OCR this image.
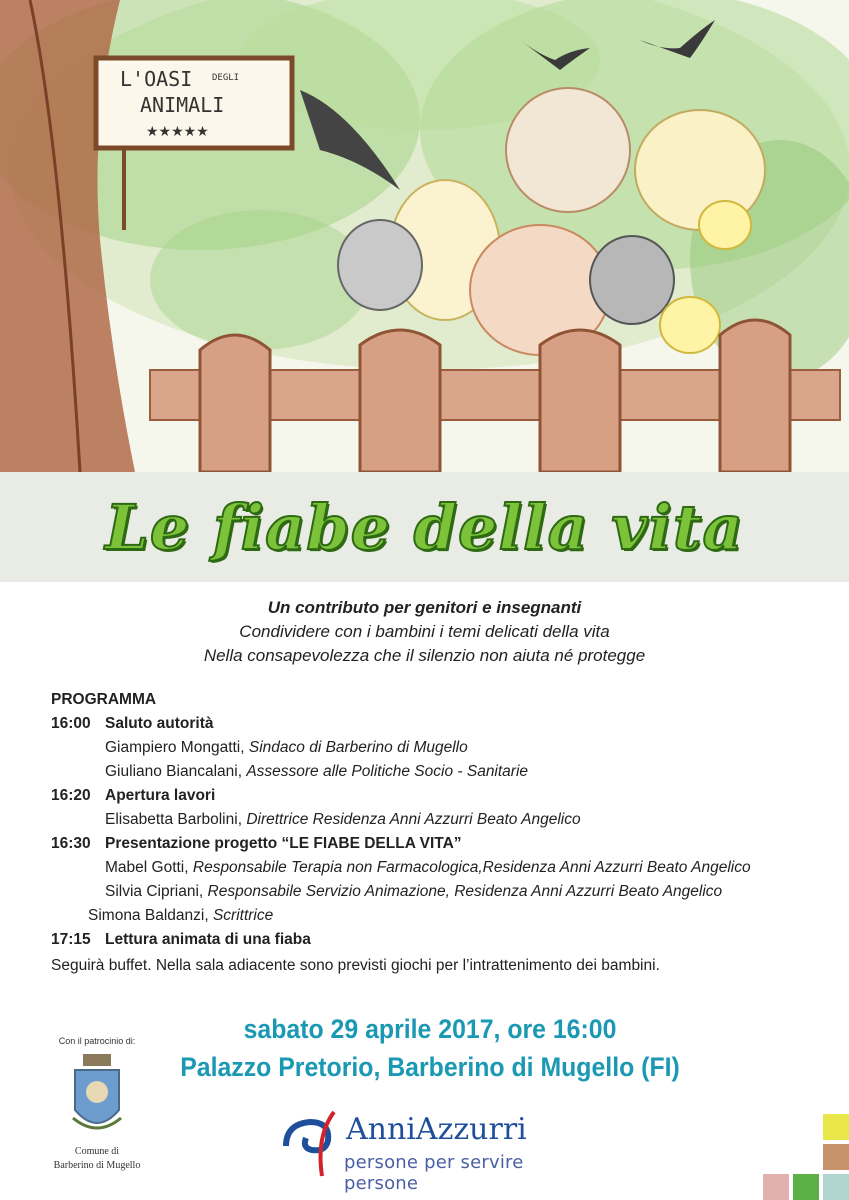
L'OASI DEGLI
ANIMALI
★★★★★
Le fiabe della vita
Un contributo per genitori e insegnanti
Condividere con i bambini i temi delicati della vita
Nella consapevolezza che il silenzio non aiuta né protegge
PROGRAMMA
16:00 Saluto autorità
Giampiero Mongatti, Sindaco di Barberino di Mugello
Giuliano Biancalani, Assessore alle Politiche Socio - Sanitarie
16:20 Apertura lavori
Elisabetta Barbolini, Direttrice Residenza Anni Azzurri Beato Angelico
16:30 Presentazione progetto “LE FIABE DELLA VITA”
Mabel Gotti, Responsabile Terapia non Farmacologica,Residenza Anni Azzurri Beato Angelico
Silvia Cipriani, Responsabile Servizio Animazione, Residenza Anni Azzurri Beato Angelico
Simona Baldanzi, Scrittrice
17:15 Lettura animata di una fiaba
Seguirà buffet. Nella sala adiacente sono previsti giochi per l’intrattenimento dei bambini.
Con il patrocinio di:
Comune di
Barberino di Mugello
sabato 29 aprile 2017, ore 16:00
Palazzo Pretorio, Barberino di Mugello (FI)
AnniAzzurri
persone per servire persone
